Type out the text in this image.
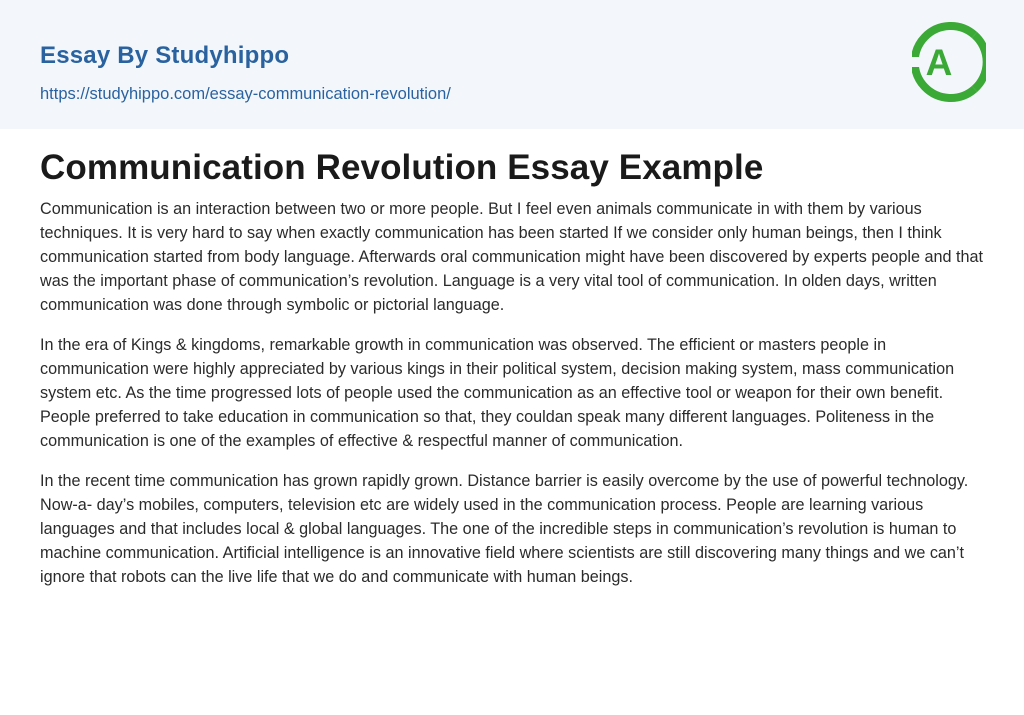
Essay By Studyhippo
https://studyhippo.com/essay-communication-revolution/
A
Communication Revolution Essay Example

Communication is an interaction between two or more people. But I feel even animals communicate in with them by various techniques. It is very hard to say when exactly communication has been started If we consider only human beings, then I think communication started from body language. Afterwards oral communication might have been discovered by experts people and that was the important phase of communication’s revolution. Language is a very vital tool of communication. In olden days, written communication was done through symbolic or pictorial language.

In the era of Kings & kingdoms, remarkable growth in communication was observed. The efficient or masters people in communication were highly appreciated by various kings in their political system, decision making system, mass communication system etc. As the time progressed lots of people used the communication as an effective tool or weapon for their own benefit. People preferred to take education in communication so that, they couldan speak many different languages. Politeness in the communication is one of the examples of effective & respectful manner of communication.

In the recent time communication has grown rapidly grown. Distance barrier is easily overcome by the use of powerful technology. Now-a- day’s mobiles, computers, television etc are widely used in the communication process. People are learning various languages and that includes local & global languages. The one of the incredible steps in communication’s revolution is human to machine communication. Artificial intelligence is an innovative field where scientists are still discovering many things and we can’t ignore that robots can the live life that we do and communicate with human beings.
